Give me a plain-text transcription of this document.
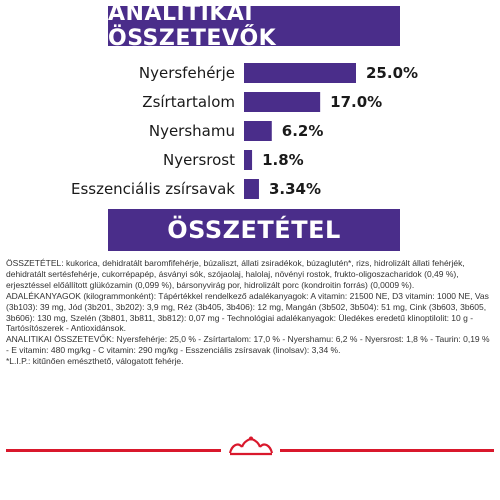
ANALITIKAI ÖSSZETEVŐK
Nyersfehérje	25.0%
Zsírtartalom	17.0%
Nyershamu	6.2%
Nyersrost 1.8%
Esszenciális zsírsavak 3.34%
ÖSSZETÉTEL

ÖSSZETÉTEL: kukorica, dehidratált baromfifehérje, búzaliszt, állati zsiradékok, búzaglutén*, rizs, hidrolizált állati fehérjék, dehidratált sertésfehérje, cukorrépapép, ásványi sók, szójaolaj, halolaj, növényi rostok, frukto-oligoszacharidok (0,49 %), erjesztéssel előállított glükózamin (0,099 %), bársonyvirág por, hidrolizált porc (kondroitin forrás) (0,0009 %).

ADALÉKANYAGOK (kilogrammonként): Tápértékkel rendelkező adalékanyagok: A vitamin: 21500 NE, D3 vitamin: 1000 NE, Vas (3b103): 39 mg, Jód (3b201, 3b202): 3,9 mg, Réz (3b405, 3b406): 12 mg, Mangán (3b502, 3b504): 51 mg, Cink (3b603, 3b605, 3b606): 130 mg, Szelén (3b801, 3b811, 3b812): 0,07 mg - Technológiai adalékanyagok: Üledékes eredetű klinoptilolit: 10 g - Tartósítószerek - Antioxidánsok.

ANALITIKAI ÖSSZETEVŐK: Nyersfehérje: 25,0 % - Zsírtartalom: 17,0 % - Nyershamu: 6,2 % - Nyersrost: 1,8 % - Taurin: 0,19 % - E vitamin: 480 mg/kg - C vitamin: 290 mg/kg - Esszenciális zsírsavak (linolsav): 3,34 %.

*L.I.P.: kitűnően emészthető, válogatott fehérje.
